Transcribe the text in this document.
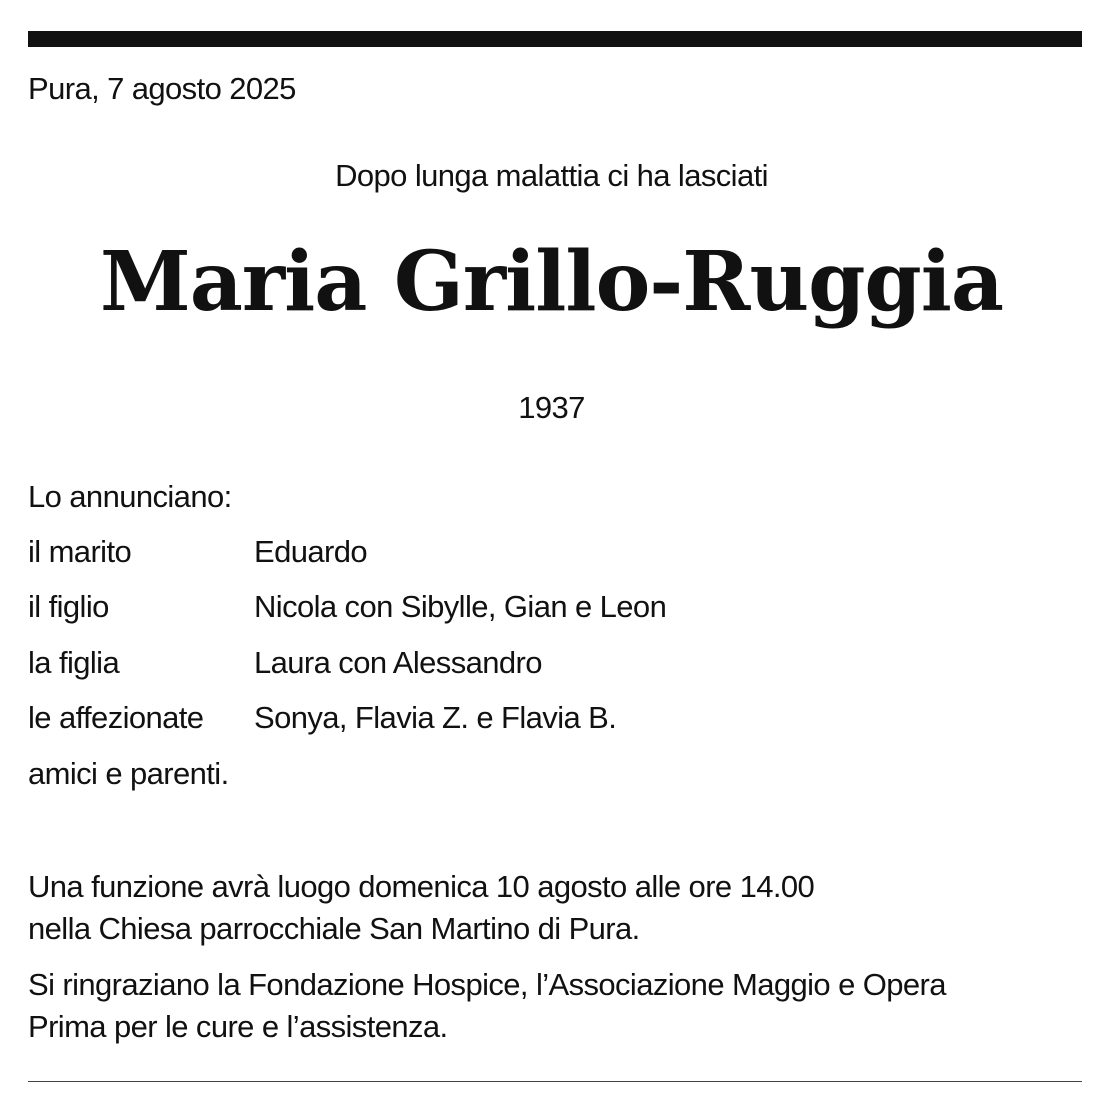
Pura, 7 agosto 2025
Dopo lunga malattia ci ha lasciati
Maria Grillo-Ruggia
1937
Lo annunciano:
il marito	Eduardo
il figlio	Nicola con Sibylle, Gian e Leon
la figlia	Laura con Alessandro
le affezionate Sonya, Flavia Z. e Flavia B.
amici e parenti.
Una funzione avrà luogo domenica 10 agosto alle ore 14.00
nella Chiesa parrocchiale San Martino di Pura.
Si ringraziano la Fondazione Hospice, l’Associazione Maggio e Opera
Prima per le cure e l’assistenza.
